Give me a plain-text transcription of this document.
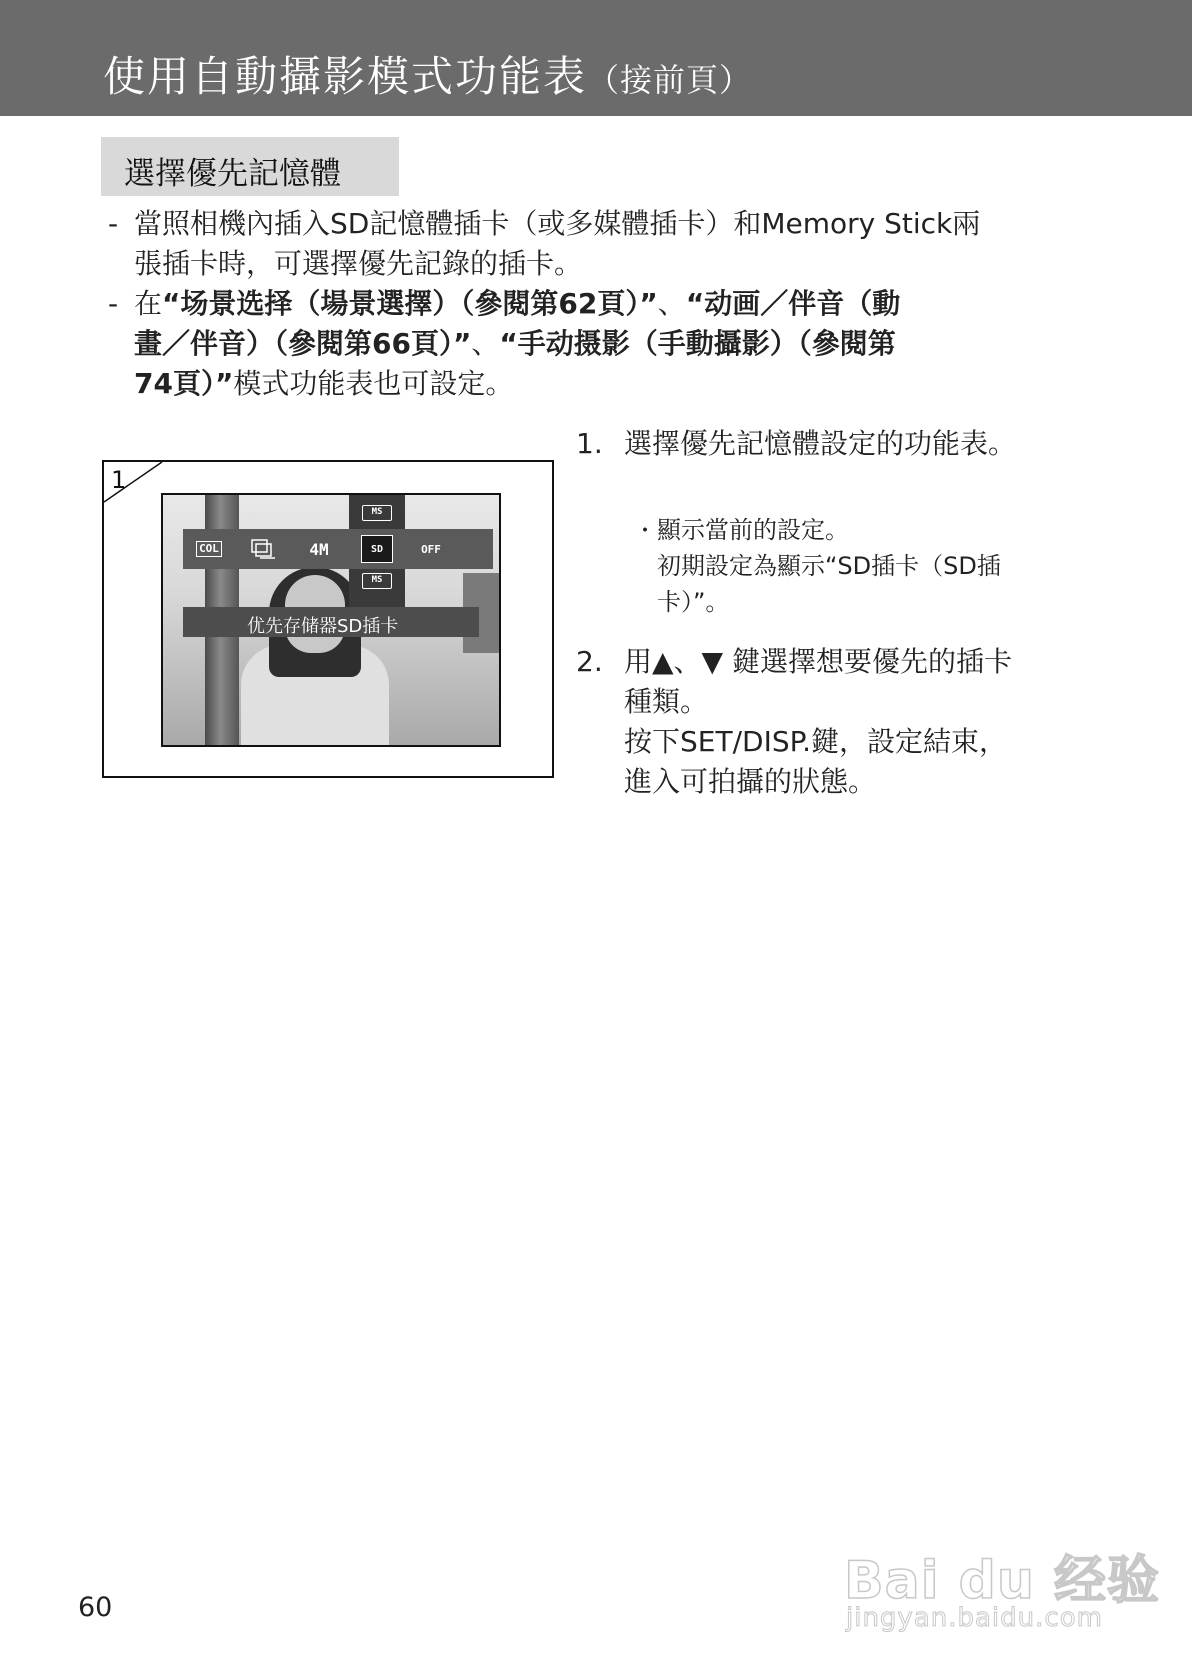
使用自動攝影模式功能表（接前頁）
選擇優先記憶體
- 當照相機內插入SD記憶體插卡（或多媒體插卡）和Memory Stick兩
張插卡時，可選擇優先記錄的插卡。
- 在“场景选择（場景選擇）（參閱第62頁）”、“动画／伴音（動
畫／伴音）（參閱第66頁）”、“手动摄影（手動攝影）（參閱第
74頁）”模式功能表也可設定。
1
MS
COL	4M	SD	OFF
MS
优先存储器SD插卡
1. 選擇優先記憶體設定的功能表。
・ 顯示當前的設定。
初期設定為顯示“SD插卡（SD插
卡）”。
2. 用▲、▼ 鍵選擇想要優先的插卡
種類。
按下SET/DISP.鍵，設定結束，
進入可拍攝的狀態。
60	Bai du 经验
jingyan.baidu.com
